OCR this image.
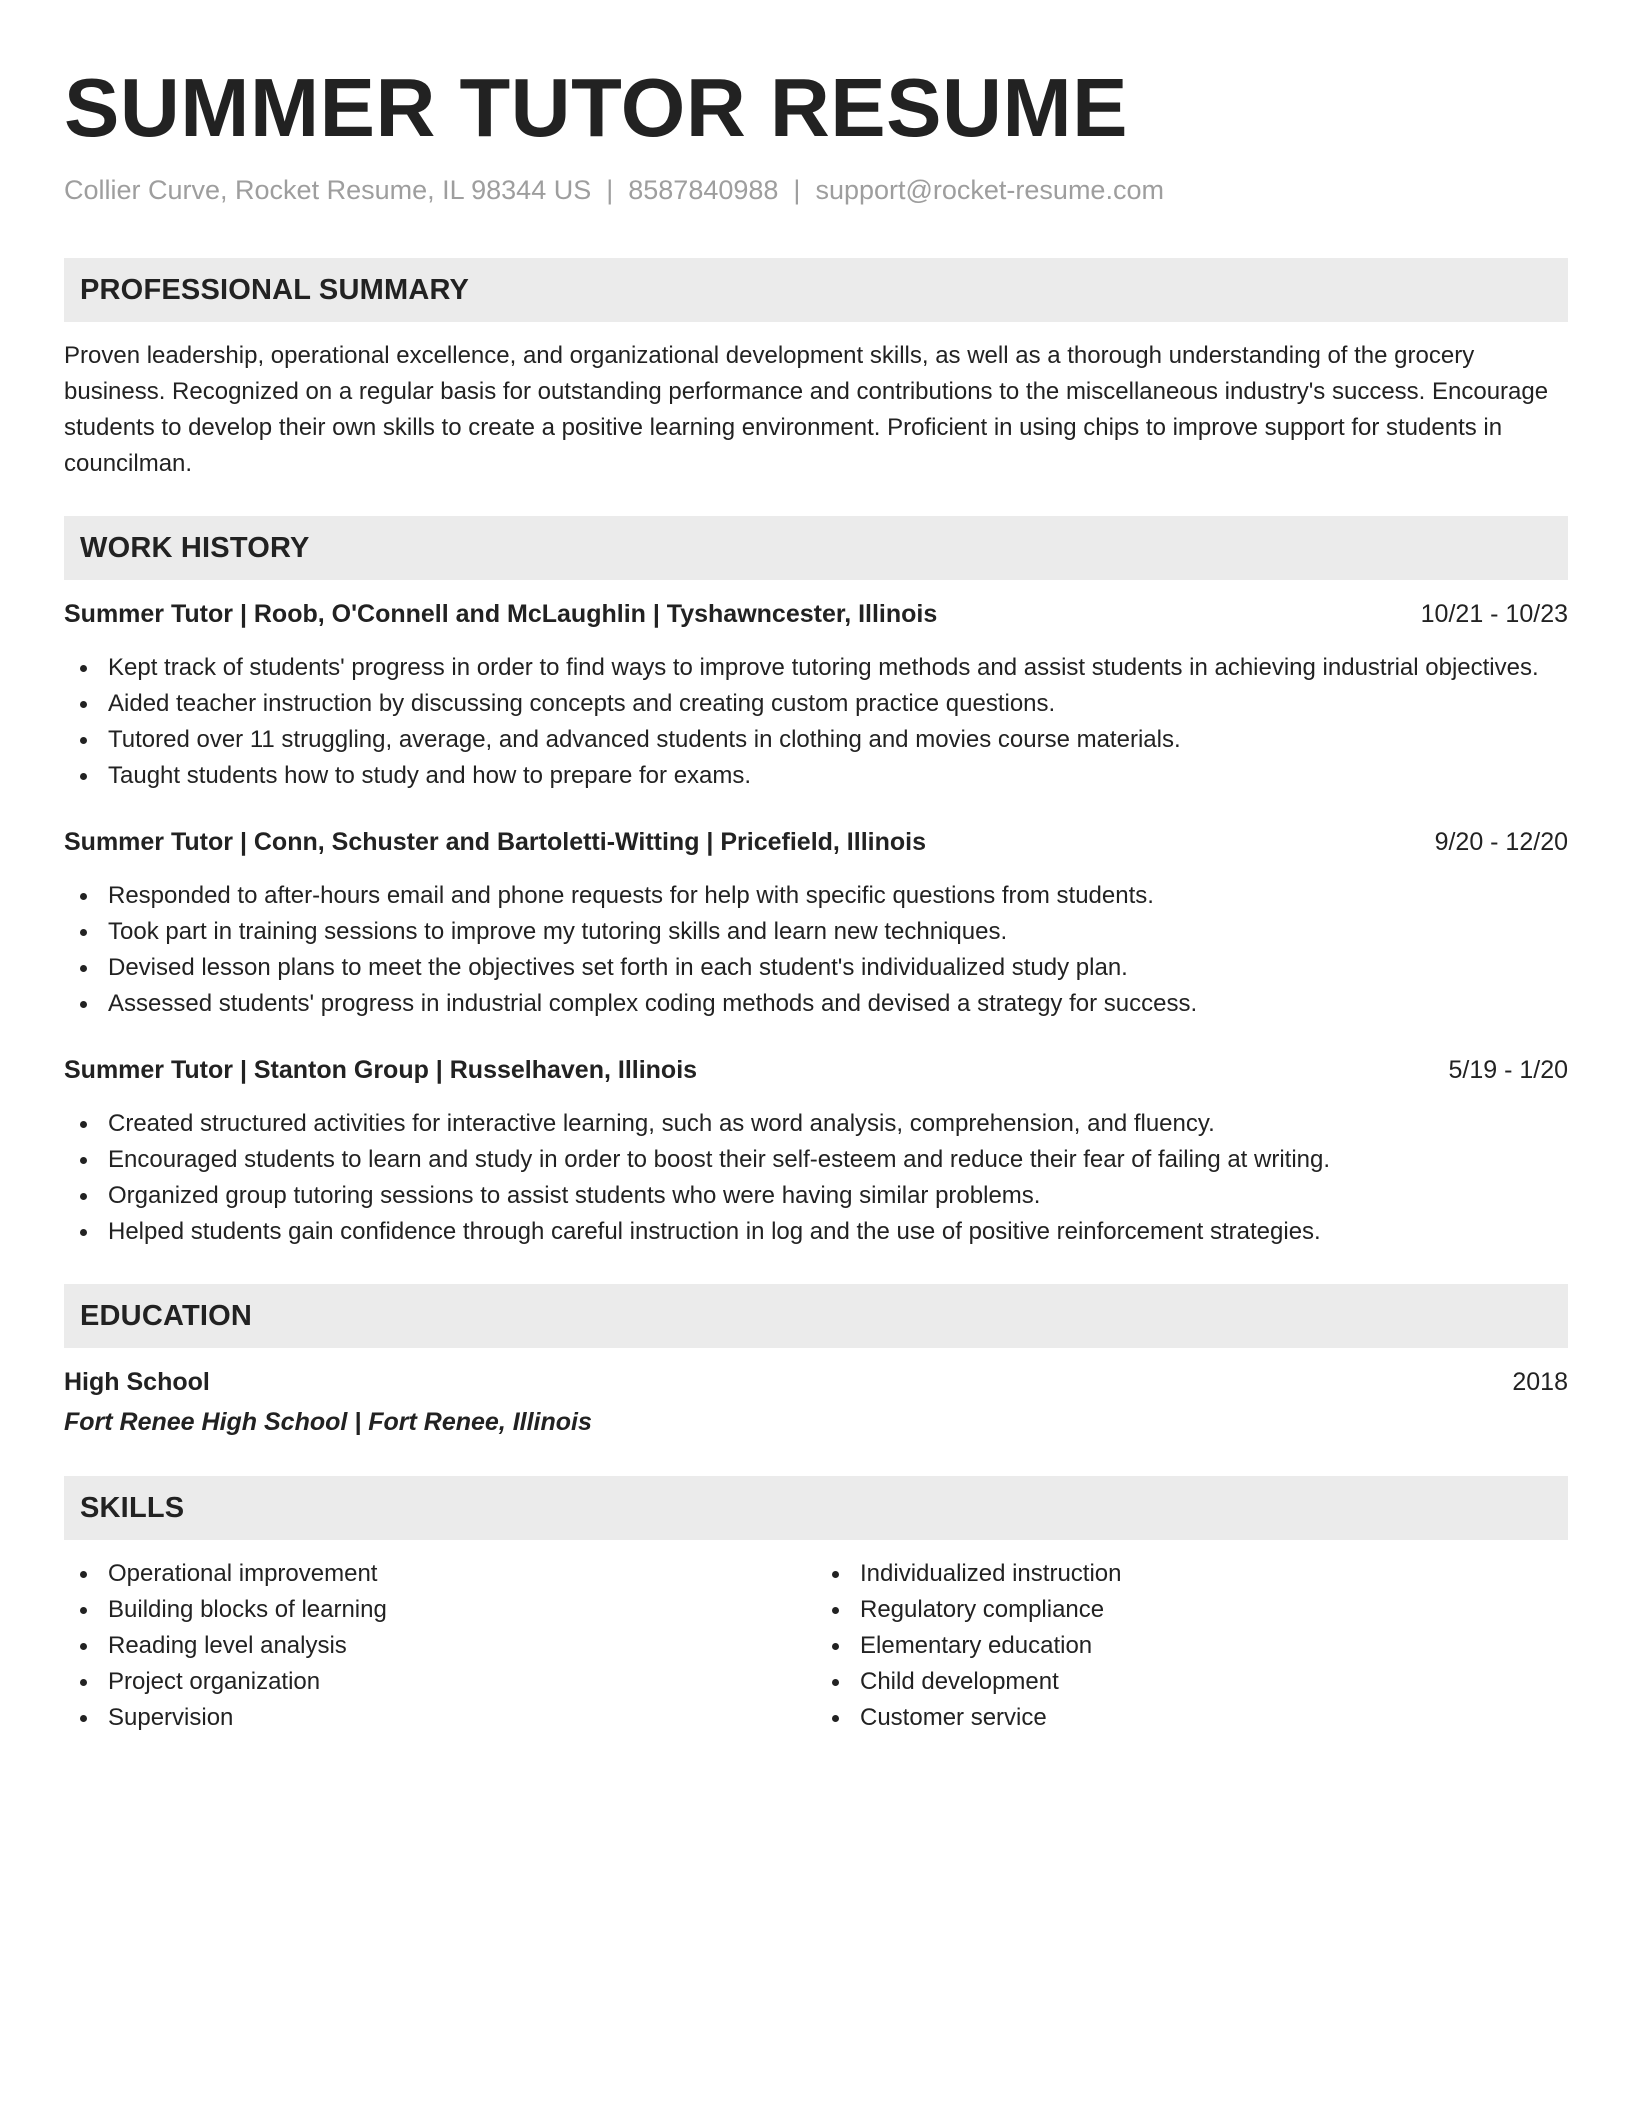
SUMMER TUTOR RESUME
Collier Curve, Rocket Resume, IL 98344 US | 8587840988 | support@rocket-resume.com
PROFESSIONAL SUMMARY

Proven leadership, operational excellence, and organizational development skills, as well as a thorough understanding of the grocery business. Recognized on a regular basis for outstanding performance and contributions to the miscellaneous industry's success. Encourage students to develop their own skills to create a positive learning environment. Proficient in using chips to improve support for students in councilman.

WORK HISTORY
Summer Tutor | Roob, O'Connell and McLaughlin | Tyshawncester, Illinois	10/21 - 10/23
Kept track of students' progress in order to find ways to improve tutoring methods and assist students in achieving industrial objectives.
Aided teacher instruction by discussing concepts and creating custom practice questions.
Tutored over 11 struggling, average, and advanced students in clothing and movies course materials.
Taught students how to study and how to prepare for exams.
Summer Tutor | Conn, Schuster and Bartoletti-Witting | Pricefield, Illinois	9/20 - 12/20
Responded to after-hours email and phone requests for help with specific questions from students.
Took part in training sessions to improve my tutoring skills and learn new techniques.
Devised lesson plans to meet the objectives set forth in each student's individualized study plan.
Assessed students' progress in industrial complex coding methods and devised a strategy for success.
Summer Tutor | Stanton Group | Russelhaven, Illinois	5/19 - 1/20
Created structured activities for interactive learning, such as word analysis, comprehension, and fluency.
Encouraged students to learn and study in order to boost their self-esteem and reduce their fear of failing at writing.
Organized group tutoring sessions to assist students who were having similar problems.
Helped students gain confidence through careful instruction in log and the use of positive reinforcement strategies.
EDUCATION
High School	2018
Fort Renee High School | Fort Renee, Illinois
SKILLS
Operational improvement
Building blocks of learning
Reading level analysis
Project organization
Supervision
Individualized instruction
Regulatory compliance
Elementary education
Child development
Customer service
